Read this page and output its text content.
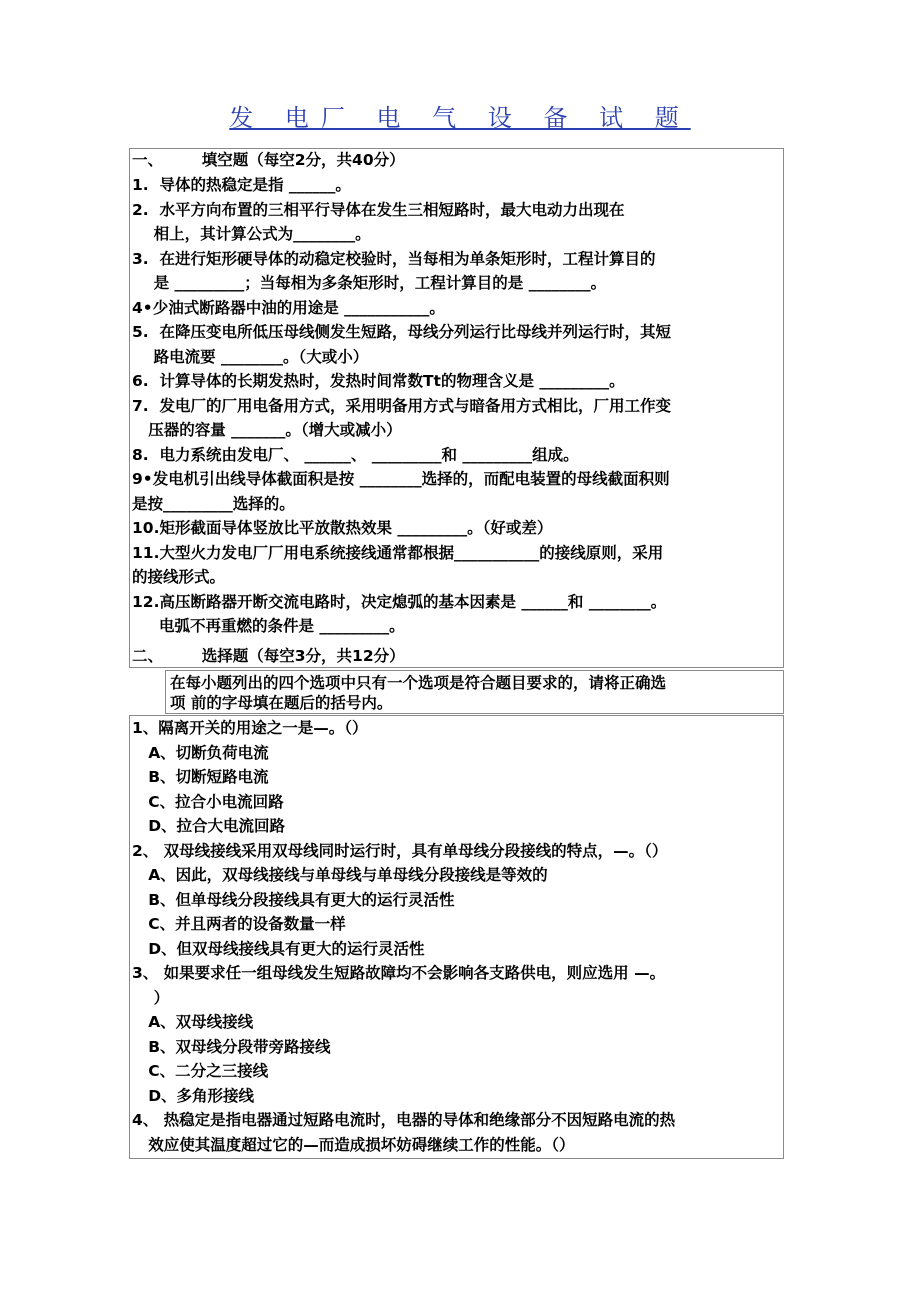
发 电厂 电 气 设 备 试 题
一、　　　填空题（每空2分，共40分）
1.  导体的热稳定是指 ______。
2.  水平方向布置的三相平行导体在发生三相短路时，最大电动力出现在
相上，其计算公式为________。
3.  在进行矩形硬导体的动稳定校验时，当每相为单条矩形时，工程计算目的
是 _________；当每相为多条矩形时，工程计算目的是 ________。
4•少油式断路器中油的用途是 ___________。
5.  在降压变电所低压母线侧发生短路，母线分列运行比母线并列运行时，其短
路电流要 ________。（大或小）
6.  计算导体的长期发热时，发热时间常数Tt的物理含义是 _________。
7.  发电厂的厂用电备用方式，采用明备用方式与暗备用方式相比，厂用工作变
压器的容量 _______。（增大或减小）
8.  电力系统由发电厂、 ______、 _________和 _________组成。
9•发电机引出线导体截面积是按 ________选择的，而配电装置的母线截面积则
是按_________选择的。
10.矩形截面导体竖放比平放散热效果 _________。（好或差）
11.大型火力发电厂厂用电系统接线通常都根据___________的接线原则，采用
的接线形式。
12.高压断路器开断交流电路时，决定熄弧的基本因素是 ______和 ________。
电弧不再重燃的条件是 _________。
在每小题列出的四个选项中只有一个选项是符合题目要求的，请将正确选
项 前的字母填在题后的括号内。
二、　　　选择题（每空3分，共12分）
1、隔离开关的用途之一是—。（）
A、切断负荷电流
B、切断短路电流
C、拉合小电流回路
D、拉合大电流回路
2、 双母线接线采用双母线同时运行时，具有单母线分段接线的特点，—。（）
A、因此，双母线接线与单母线与单母线分段接线是等效的
B、但单母线分段接线具有更大的运行灵活性
C、并且两者的设备数量一样
D、但双母线接线具有更大的运行灵活性
3、 如果要求任一组母线发生短路故障均不会影响各支路供电，则应选用 —。
）
A、双母线接线
B、双母线分段带旁路接线
C、二分之三接线
D、多角形接线
4、 热稳定是指电器通过短路电流时，电器的导体和绝缘部分不因短路电流的热
效应使其温度超过它的—而造成损坏妨碍继续工作的性能。（）
